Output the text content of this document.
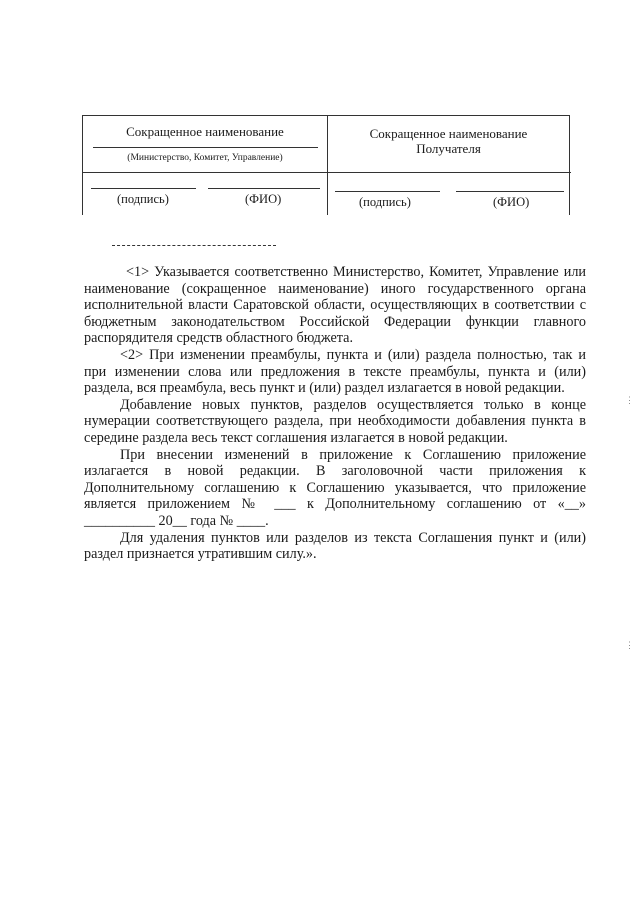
Сокращенное наименование
(Министерство, Комитет, Управление)
(подпись)	(ФИО)
Сокращенное наименование
Получателя
(подпись)	(ФИО)

<1> Указывается соответственно Министерство, Комитет, Управление или наименование (сокращенное наименование) иного государственного органа исполнительной власти Саратовской области, осуществляющих в соответствии с бюджетным законодательством Российской Федерации функции главного распорядителя средств областного бюджета.

<2> При изменении преамбулы, пункта и (или) раздела полностью, так и при изменении слова или предложения в тексте преамбулы, пункта и (или) раздела, вся преамбула, весь пункт и (или) раздел излагается в новой редакции.

Добавление новых пунктов, разделов осуществляется только в конце нумерации соответствующего раздела, при необходимости добавления пункта в середине раздела весь текст соглашения излагается в новой редакции.

При внесении изменений в приложение к Соглашению приложение излагается в новой редакции. В заголовочной части приложения к Дополнительному соглашению к Соглашению указывается, что приложение является приложением № ___ к Дополнительному соглашению от «__» __________ 20__ года № ____.

Для удаления пунктов или разделов из текста Соглашения пункт и (или) раздел признается утратившим силу.».

⋮
⋮
